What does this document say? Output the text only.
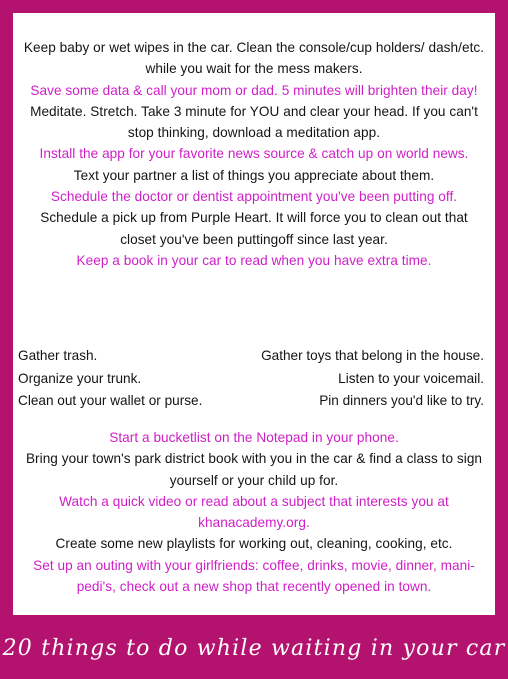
Keep baby or wet wipes in the car. Clean the console/cup holders/ dash/etc. while you wait for the mess makers.
Save some data & call your mom or dad. 5 minutes will brighten their day!
Meditate. Stretch. Take 3 minute for YOU and clear your head. If you can't stop thinking, download a meditation app.
Install the app for your favorite news source & catch up on world news.
Text your partner a list of things you appreciate about them.
Schedule the doctor or dentist appointment you've been putting off.
Schedule a pick up from Purple Heart. It will force you to clean out that closet you've been puttingoff since last year.
Keep a book in your car to read when you have extra time.
Gather trash.	Gather toys that belong in the house.
Organize your trunk.	Listen to your voicemail.
Clean out your wallet or purse.	Pin dinners you'd like to try.
Start a bucketlist on the Notepad in your phone.
Bring your town's park district book with you in the car & find a class to sign yourself or your child up for.
Watch a quick video or read about a subject that interests you at khanacademy.org.
Create some new playlists for working out, cleaning, cooking, etc.
Set up an outing with your girlfriends: coffee, drinks, movie, dinner, mani-pedi's, check out a new shop that recently opened in town.
20 things to do while waiting in your car
